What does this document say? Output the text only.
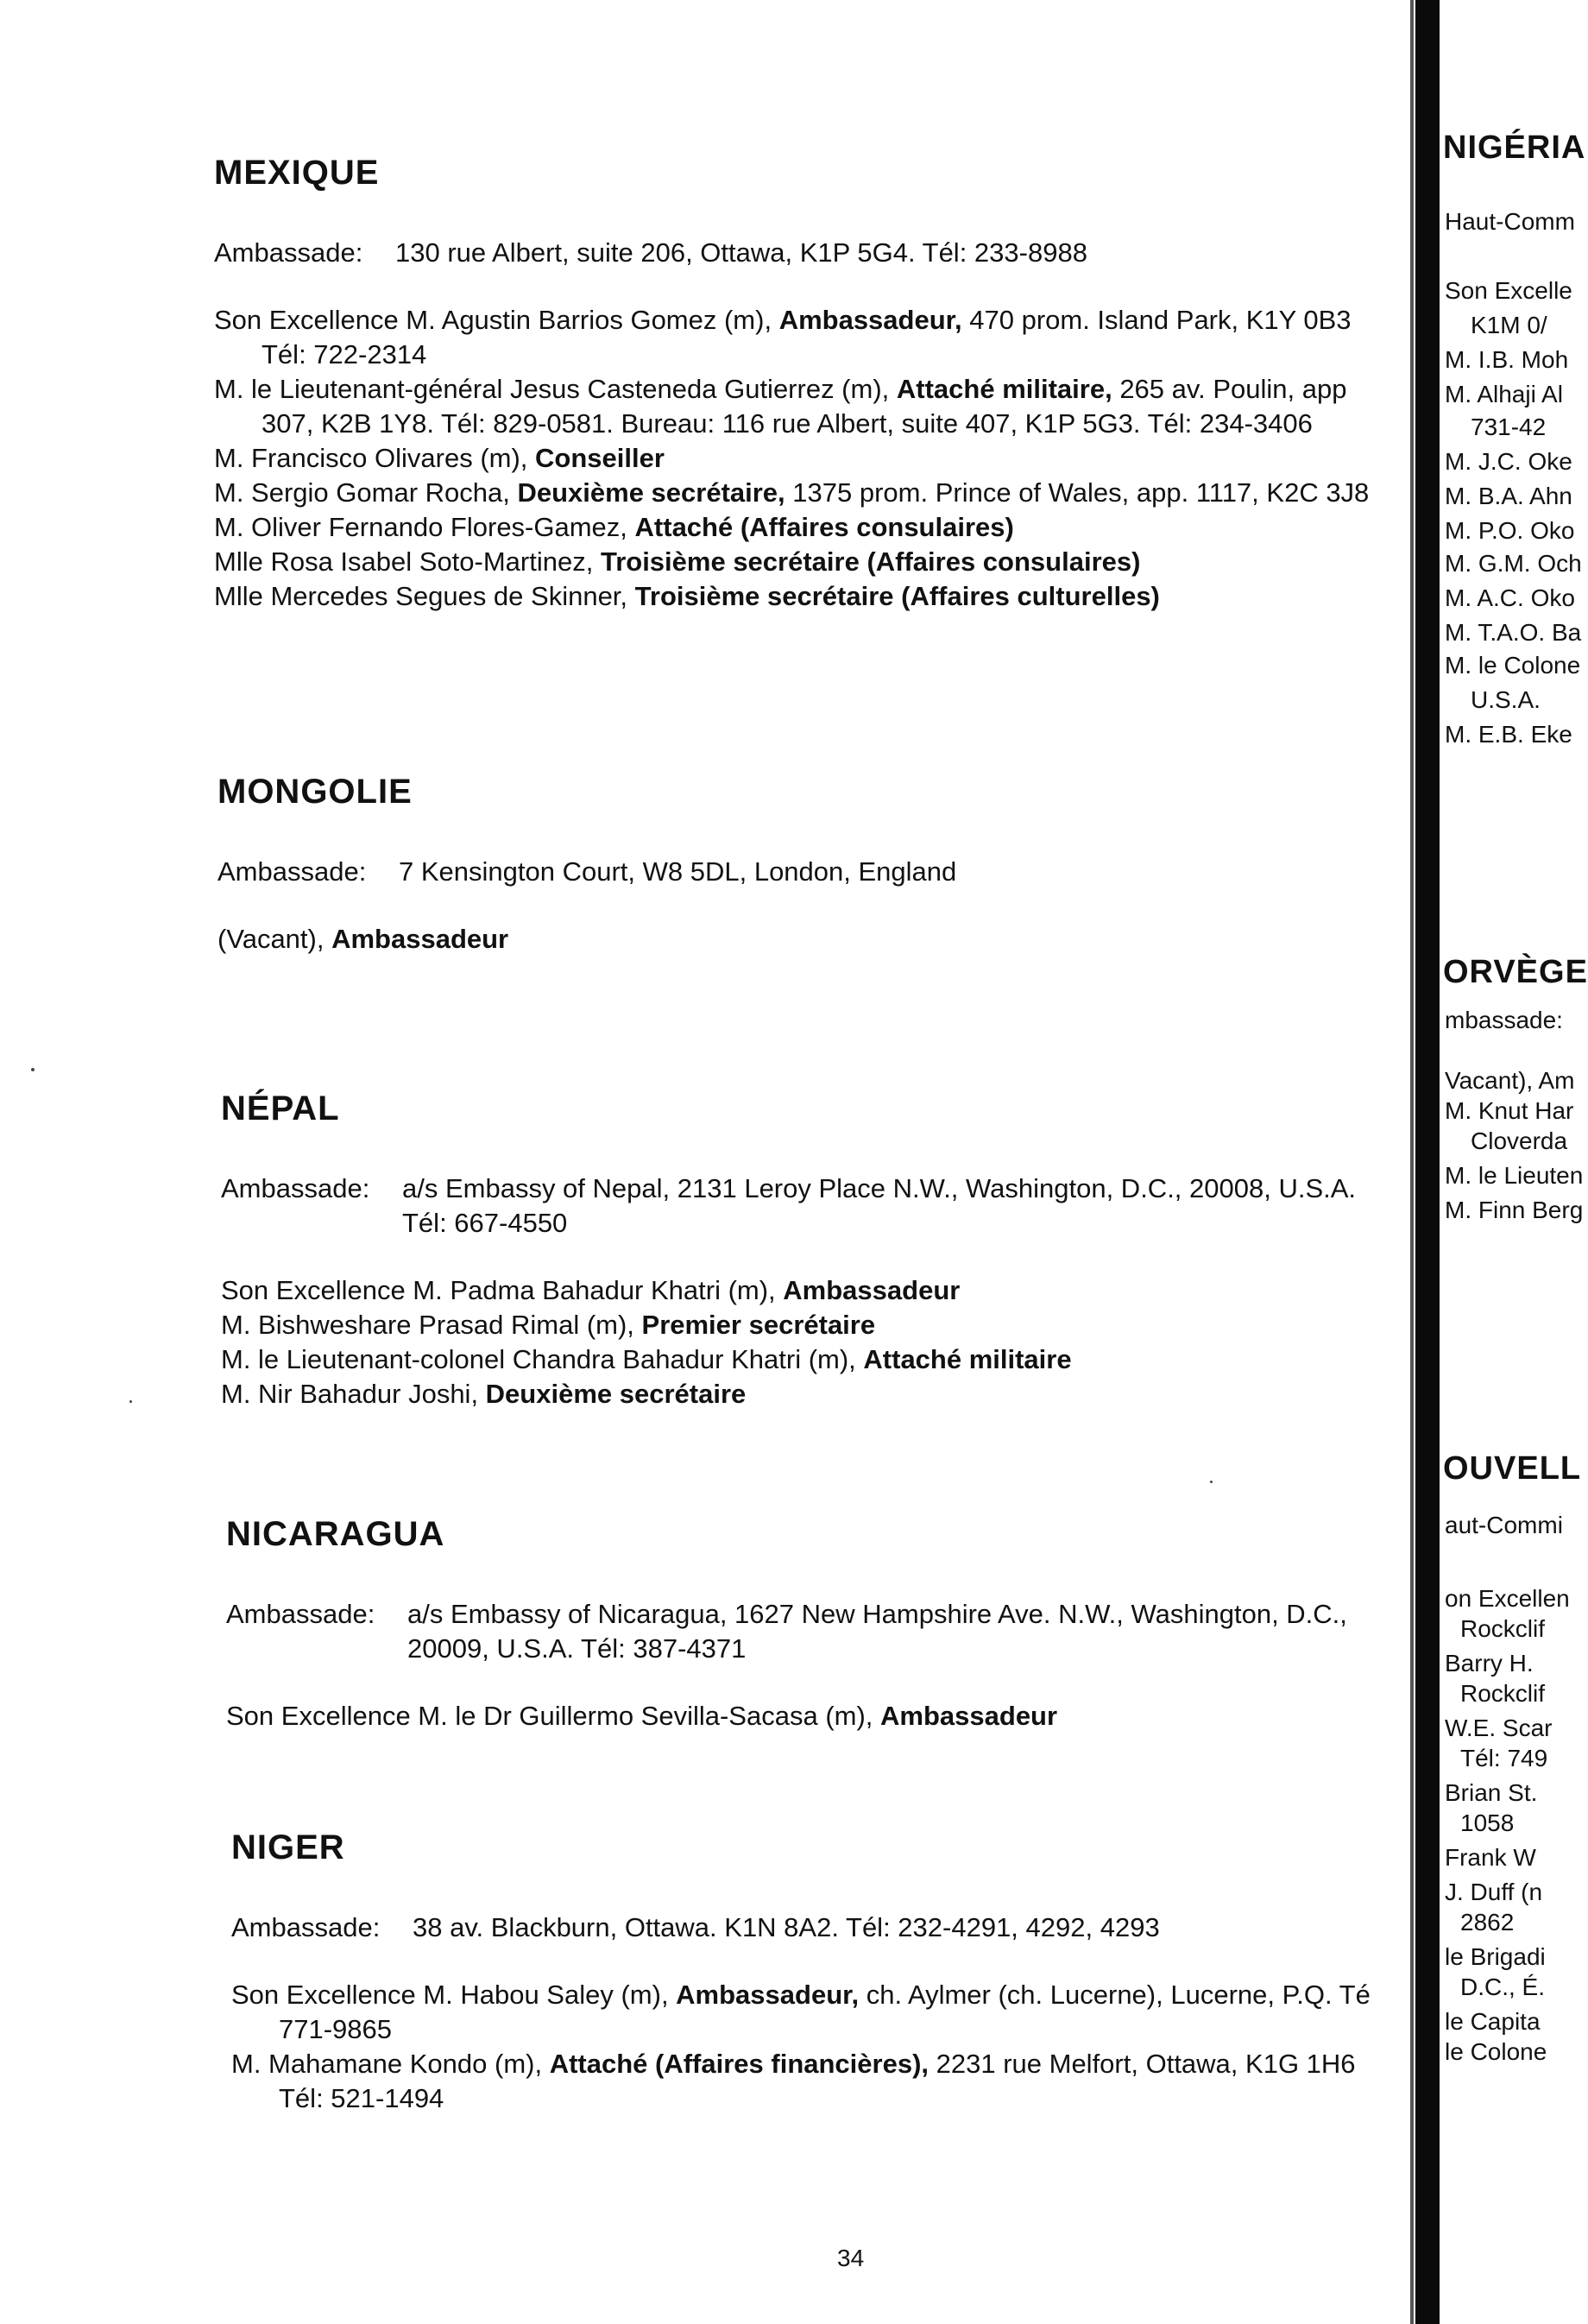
MEXIQUE
Ambassade:	130 rue Albert, suite 206, Ottawa, K1P 5G4. Tél: 233-8988
Son Excellence M. Agustin Barrios Gomez (m), Ambassadeur, 470 prom. Island Park, K1Y 0B3
Tél: 722-2314
M. le Lieutenant-général Jesus Casteneda Gutierrez (m), Attaché militaire, 265 av. Poulin, app
307, K2B 1Y8. Tél: 829-0581. Bureau: 116 rue Albert, suite 407, K1P 5G3. Tél: 234-3406
M. Francisco Olivares (m), Conseiller
M. Sergio Gomar Rocha, Deuxième secrétaire, 1375 prom. Prince of Wales, app. 1117, K2C 3J8
M. Oliver Fernando Flores-Gamez, Attaché (Affaires consulaires)
Mlle Rosa Isabel Soto-Martinez, Troisième secrétaire (Affaires consulaires)
Mlle Mercedes Segues de Skinner, Troisième secrétaire (Affaires culturelles)
MONGOLIE
Ambassade:	7 Kensington Court, W8 5DL, London, England
(Vacant), Ambassadeur
NÉPAL
Ambassade:	a/s Embassy of Nepal, 2131 Leroy Place N.W., Washington, D.C., 20008, U.S.A.
Tél: 667-4550
Son Excellence M. Padma Bahadur Khatri (m), Ambassadeur
M. Bishweshare Prasad Rimal (m), Premier secrétaire
M. le Lieutenant-colonel Chandra Bahadur Khatri (m), Attaché militaire
M. Nir Bahadur Joshi, Deuxième secrétaire
NICARAGUA
Ambassade:	a/s Embassy of Nicaragua, 1627 New Hampshire Ave. N.W., Washington, D.C.,
20009, U.S.A. Tél: 387-4371
Son Excellence M. le Dr Guillermo Sevilla-Sacasa (m), Ambassadeur
NIGER
Ambassade:	38 av. Blackburn, Ottawa. K1N 8A2. Tél: 232-4291, 4292, 4293
Son Excellence M. Habou Saley (m), Ambassadeur, ch. Aylmer (ch. Lucerne), Lucerne, P.Q. Té
771-9865
M. Mahamane Kondo (m), Attaché (Affaires financières), 2231 rue Melfort, Ottawa, K1G 1H6
Tél: 521-1494
34
NIGÉRIA
ORVÈGE
OUVELL
Haut-Comm
Son Excelle
K1M 0/
M. I.B. Moh
M. Alhaji Al
731-42
M. J.C. Oke
M. B.A. Ahn
M. P.O. Oko
M. G.M. Och
M. A.C. Oko
M. T.A.O. Ba
M. le Colone
U.S.A.
M. E.B. Eke
mbassade:
Vacant), Am
M. Knut Har
Cloverda
M. le Lieuten
M. Finn Berg
aut-Commi
on Excellen
Rockclif
Barry H.
Rockclif
W.E. Scar
Tél: 749
Brian St.
1058
Frank W
J. Duff (n
2862
le Brigadi
D.C., É.
le Capita
le Colone
